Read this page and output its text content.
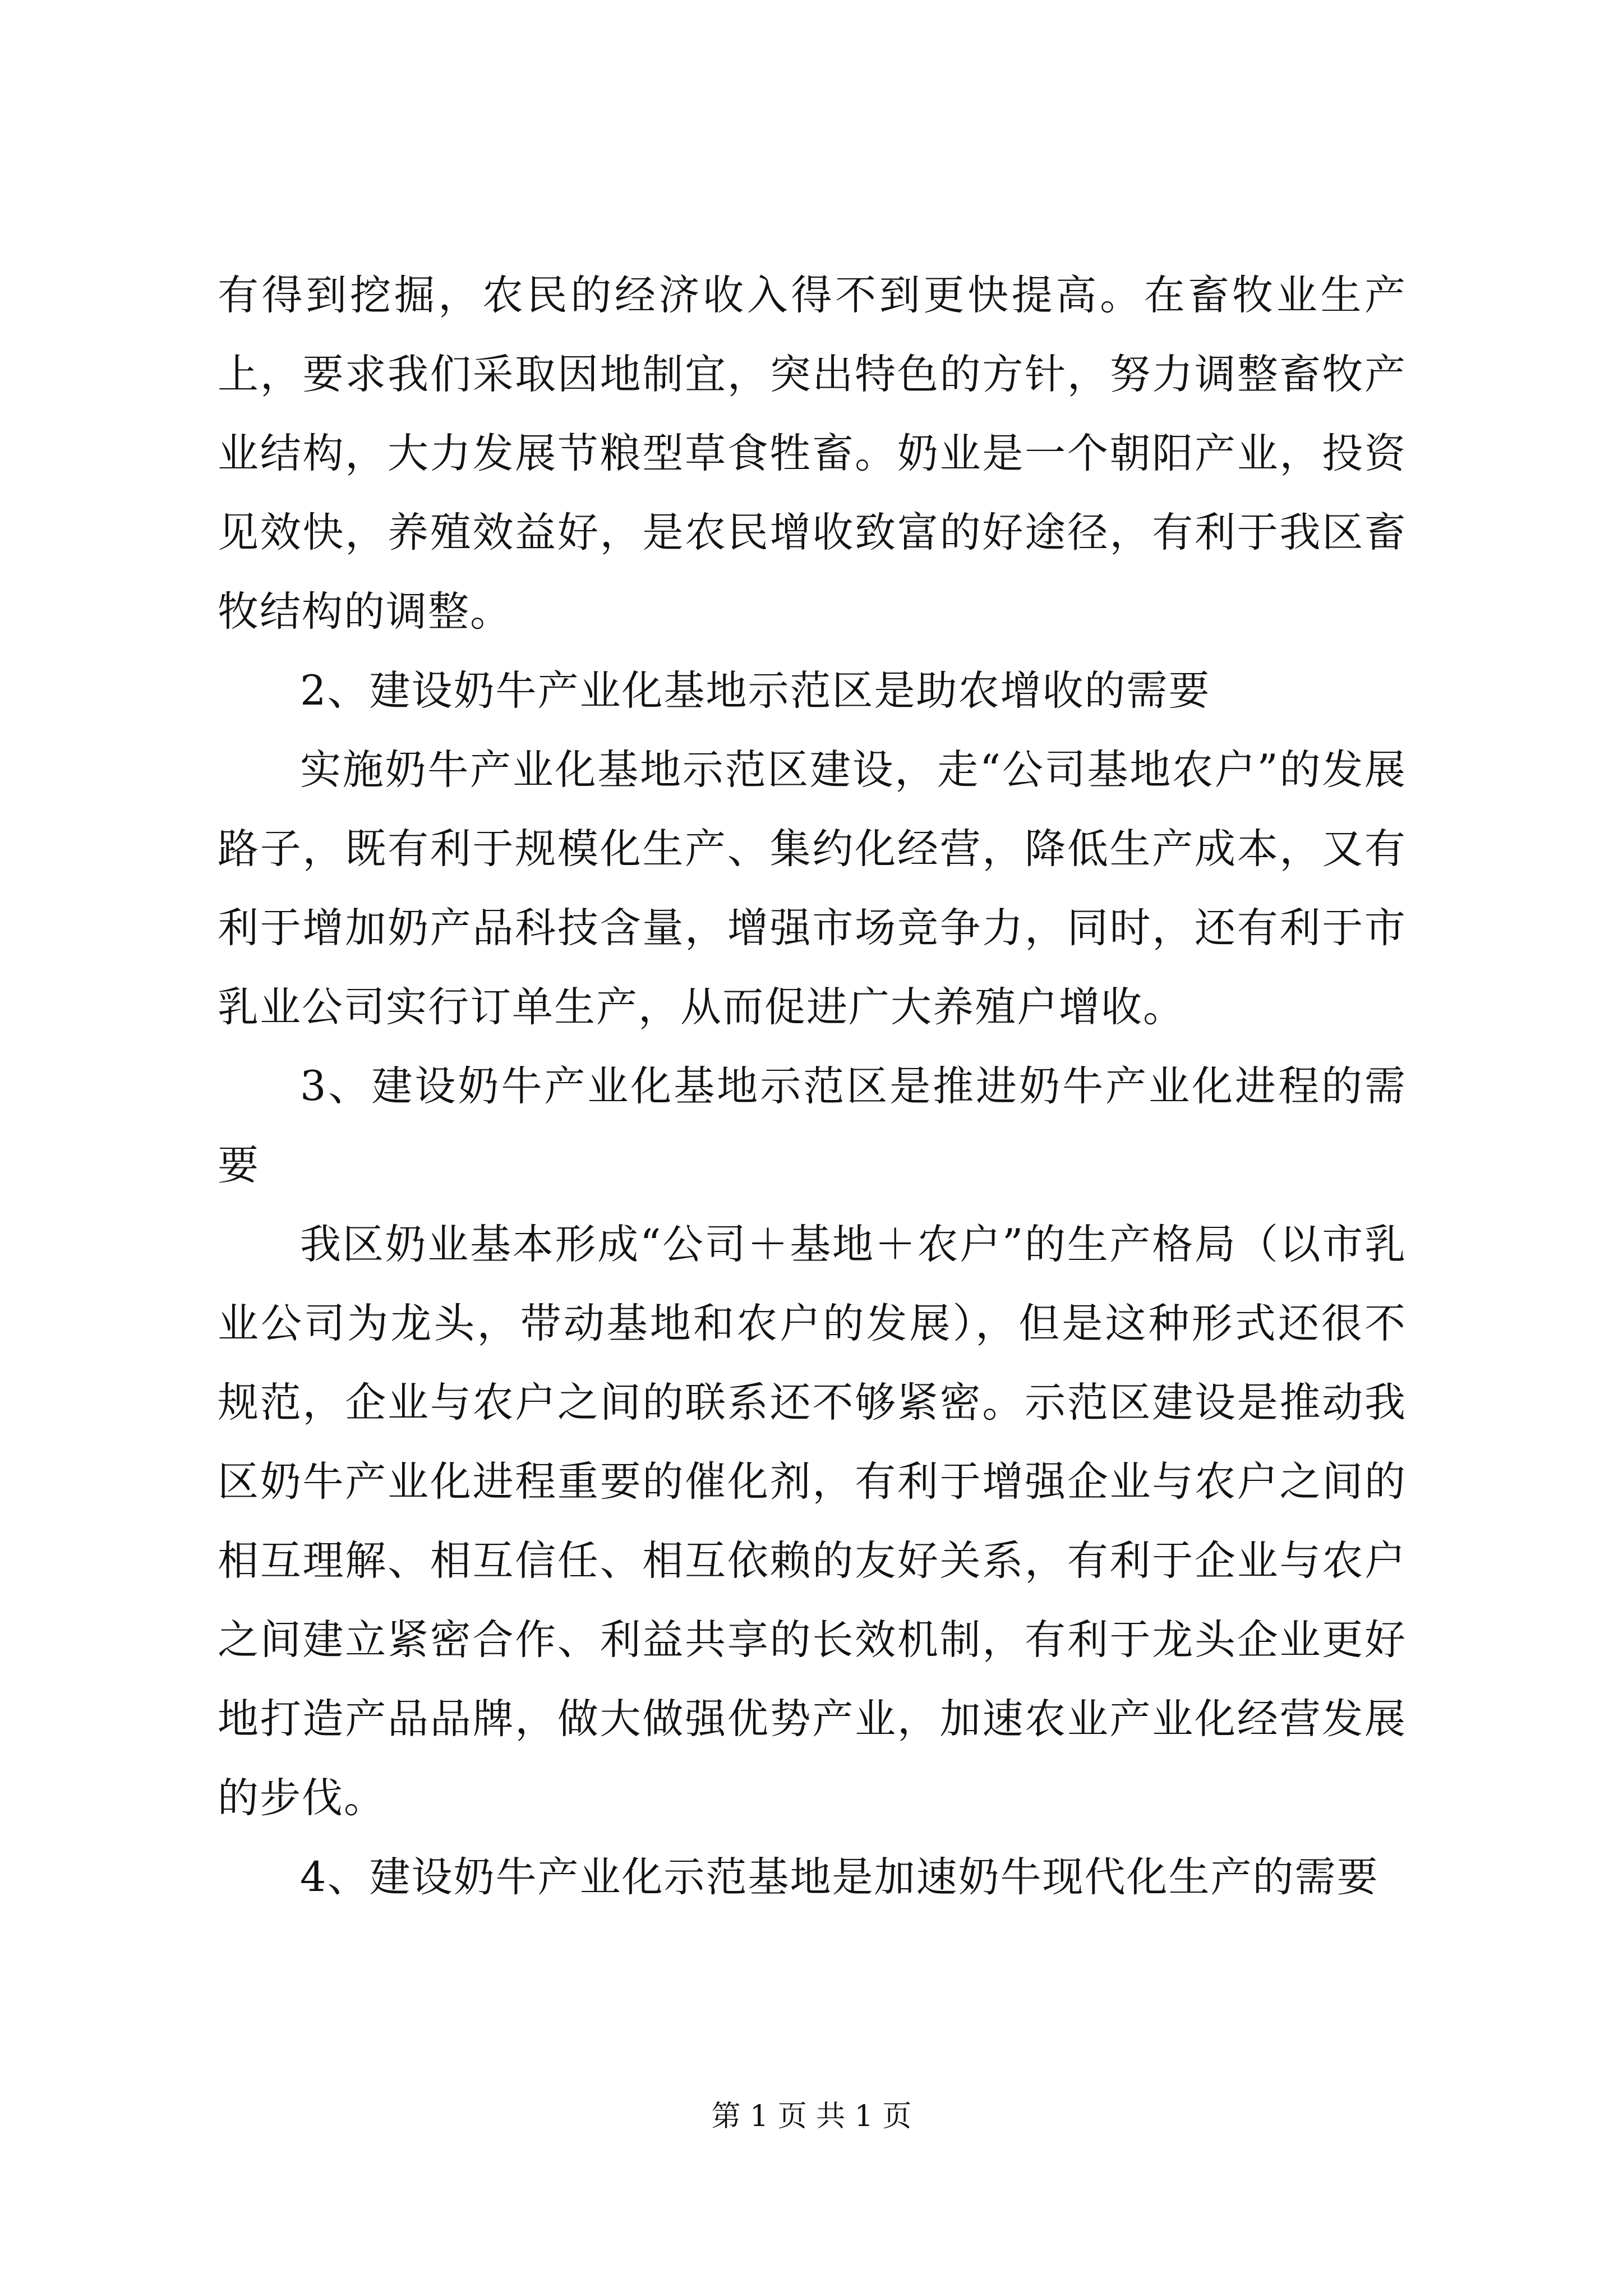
有得到挖掘，农民的经济收入得不到更快提高。在畜牧业生产上，要求我们采取因地制宜，突出特色的方针，努力调整畜牧产业结构，大力发展节粮型草食牲畜。奶业是一个朝阳产业，投资见效快，养殖效益好，是农民增收致富的好途径，有利于我区畜牧结构的调整。

2、建设奶牛产业化基地示范区是助农增收的需要

实施奶牛产业化基地示范区建设，走“公司基地农户”的发展路子，既有利于规模化生产、集约化经营，降低生产成本，又有利于增加奶产品科技含量，增强市场竞争力，同时，还有利于市乳业公司实行订单生产，从而促进广大养殖户增收。

3、建设奶牛产业化基地示范区是推进奶牛产业化进程的需要

我区奶业基本形成“公司＋基地＋农户”的生产格局（以市乳业公司为龙头，带动基地和农户的发展），但是这种形式还很不规范，企业与农户之间的联系还不够紧密。示范区建设是推动我区奶牛产业化进程重要的催化剂，有利于增强企业与农户之间的相互理解、相互信任、相互依赖的友好关系，有利于企业与农户之间建立紧密合作、利益共享的长效机制，有利于龙头企业更好地打造产品品牌，做大做强优势产业，加速农业产业化经营发展的步伐。

4、建设奶牛产业化示范基地是加速奶牛现代化生产的需要

第 1 页 共 1 页
